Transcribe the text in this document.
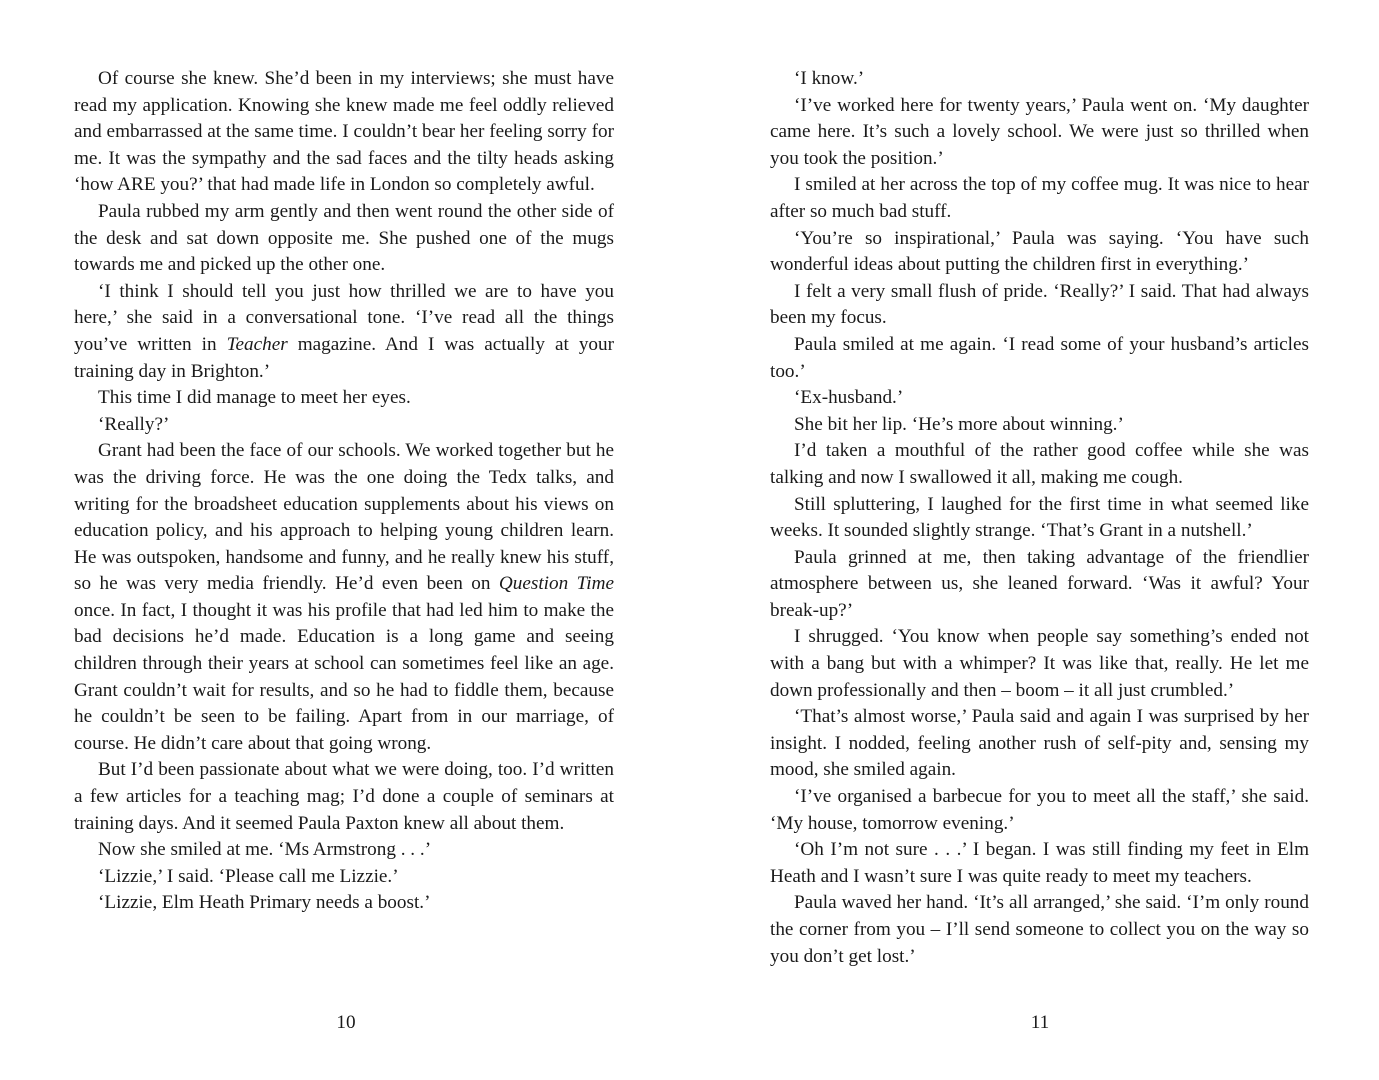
Of course she knew. She’d been in my interviews; she must have read my application. Knowing she knew made me feel oddly relieved and embarrassed at the same time. I couldn’t bear her feeling sorry for me. It was the sympathy and the sad faces and the tilty heads asking ‘how ARE you?’ that had made life in London so completely awful.

Paula rubbed my arm gently and then went round the other side of the desk and sat down opposite me. She pushed one of the mugs towards me and picked up the other one.

‘I think I should tell you just how thrilled we are to have you here,’ she said in a conversational tone. ‘I’ve read all the things you’ve written in Teacher magazine. And I was actually at your training day in Brighton.’

This time I did manage to meet her eyes.

‘Really?’

Grant had been the face of our schools. We worked together but he was the driving force. He was the one doing the Tedx talks, and writing for the broadsheet education supplements about his views on education policy, and his approach to helping young children learn. He was outspoken, handsome and funny, and he really knew his stuff, so he was very media friendly. He’d even been on Question Time once. In fact, I thought it was his profile that had led him to make the bad decisions he’d made. Education is a long game and seeing children through their years at school can sometimes feel like an age. Grant couldn’t wait for results, and so he had to fiddle them, because he couldn’t be seen to be failing. Apart from in our marriage, of course. He didn’t care about that going wrong.

But I’d been passionate about what we were doing, too. I’d written a few articles for a teaching mag; I’d done a couple of seminars at training days. And it seemed Paula Paxton knew all about them.

Now she smiled at me. ‘Ms Armstrong . . .’

‘Lizzie,’ I said. ‘Please call me Lizzie.’

‘Lizzie, Elm Heath Primary needs a boost.’

10

‘I know.’

‘I’ve worked here for twenty years,’ Paula went on. ‘My daughter came here. It’s such a lovely school. We were just so thrilled when you took the position.’

I smiled at her across the top of my coffee mug. It was nice to hear after so much bad stuff.

‘You’re so inspirational,’ Paula was saying. ‘You have such wonderful ideas about putting the children first in everything.’

I felt a very small flush of pride. ‘Really?’ I said. That had always been my focus.

Paula smiled at me again. ‘I read some of your husband’s articles too.’

‘Ex-husband.’

She bit her lip. ‘He’s more about winning.’

I’d taken a mouthful of the rather good coffee while she was talking and now I swallowed it all, making me cough.

Still spluttering, I laughed for the first time in what seemed like weeks. It sounded slightly strange. ‘That’s Grant in a nutshell.’

Paula grinned at me, then taking advantage of the friendlier atmosphere between us, she leaned forward. ‘Was it awful? Your break-up?’

I shrugged. ‘You know when people say something’s ended not with a bang but with a whimper? It was like that, really. He let me down professionally and then – boom – it all just crumbled.’

‘That’s almost worse,’ Paula said and again I was surprised by her insight. I nodded, feeling another rush of self-pity and, sensing my mood, she smiled again.

‘I’ve organised a barbecue for you to meet all the staff,’ she said. ‘My house, tomorrow evening.’

‘Oh I’m not sure . . .’ I began. I was still finding my feet in Elm Heath and I wasn’t sure I was quite ready to meet my teachers.

Paula waved her hand. ‘It’s all arranged,’ she said. ‘I’m only round the corner from you – I’ll send someone to collect you on the way so you don’t get lost.’

11
